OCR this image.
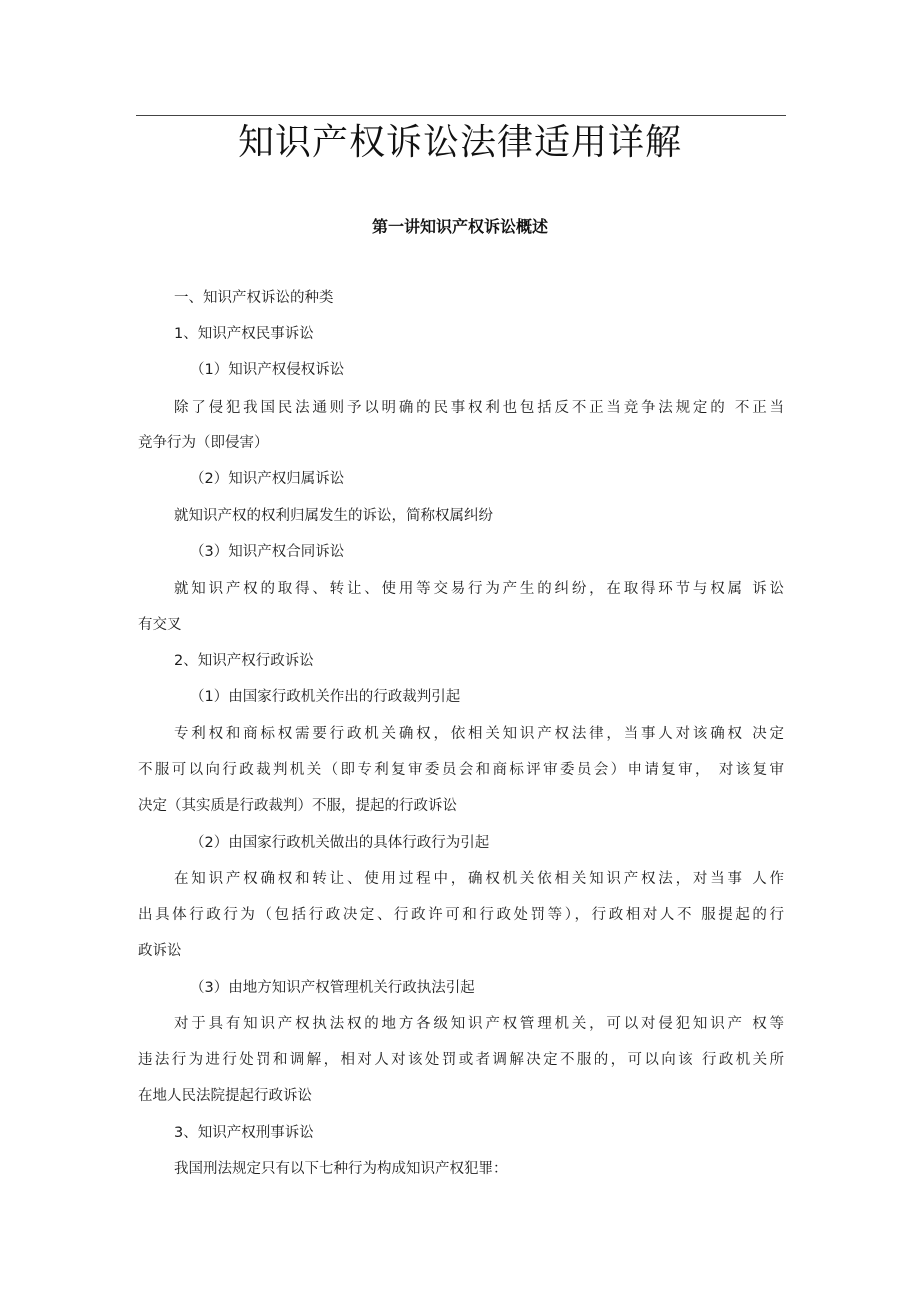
知识产权诉讼法律适用详解
第一讲知识产权诉讼概述

一、知识产权诉讼的种类

1、知识产权民事诉讼

（1）知识产权侵权诉讼

除了侵犯我国民法通则予以明确的民事权利也包括反不正当竞争法规定的 不正当

竞争行为（即侵害）

（2）知识产权归属诉讼

就知识产权的权利归属发生的诉讼，简称权属纠纷

（3）知识产权合同诉讼

就知识产权的取得、转让、使用等交易行为产生的纠纷，在取得环节与权属 诉讼

有交叉

2、知识产权行政诉讼

（1）由国家行政机关作出的行政裁判引起

专利权和商标权需要行政机关确权，依相关知识产权法律，当事人对该确权 决定

不服可以向行政裁判机关（即专利复审委员会和商标评审委员会）申请复审， 对该复审

决定（其实质是行政裁判）不服，提起的行政诉讼

（2）由国家行政机关做出的具体行政行为引起

在知识产权确权和转让、使用过程中，确权机关依相关知识产权法，对当事 人作

出具体行政行为（包括行政决定、行政许可和行政处罚等），行政相对人不 服提起的行

政诉讼

（3）由地方知识产权管理机关行政执法引起

对于具有知识产权执法权的地方各级知识产权管理机关，可以对侵犯知识产 权等

违法行为进行处罚和调解，相对人对该处罚或者调解决定不服的，可以向该 行政机关所

在地人民法院提起行政诉讼

3、知识产权刑事诉讼

我国刑法规定只有以下七种行为构成知识产权犯罪：
